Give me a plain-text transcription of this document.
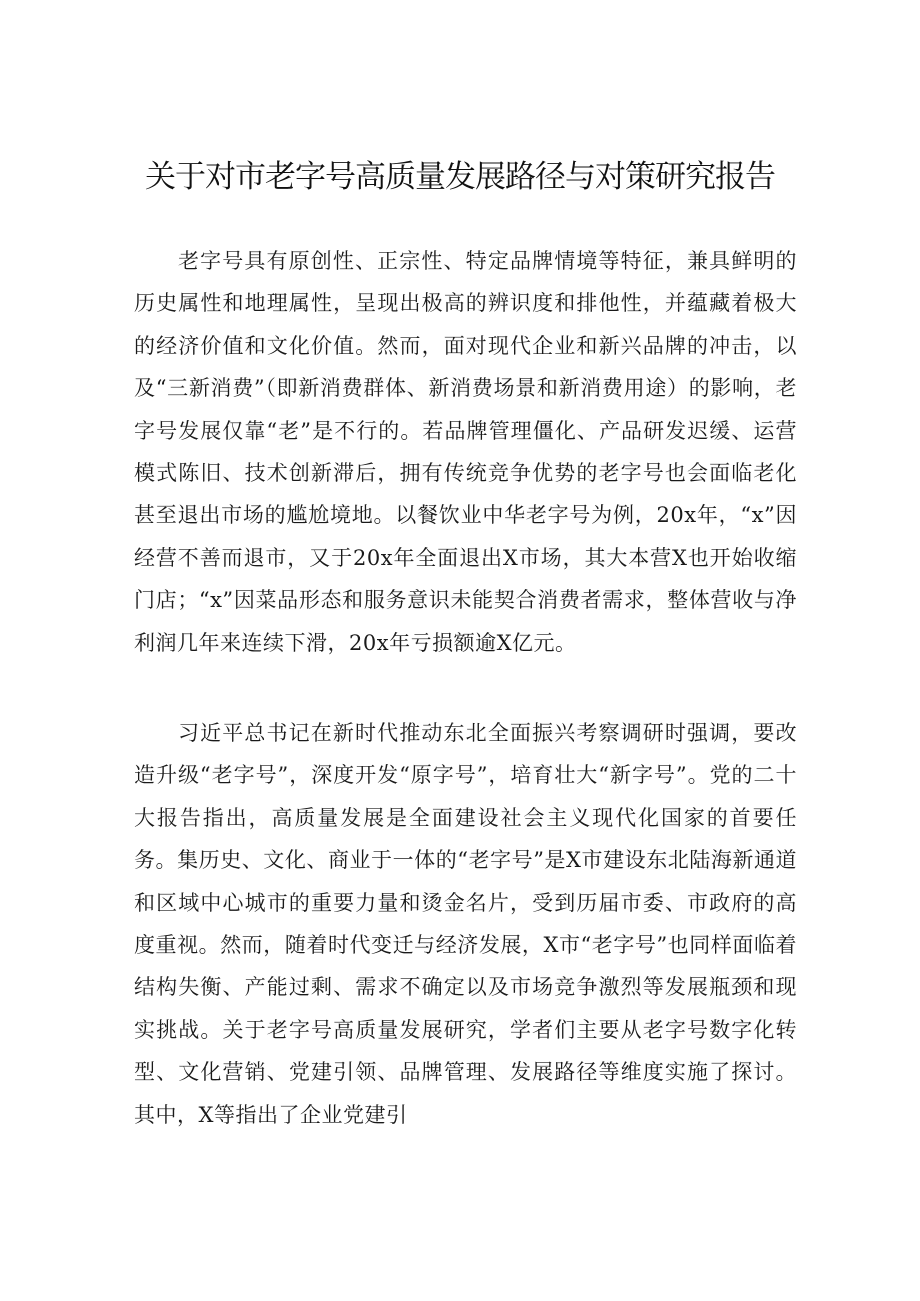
关于对市老字号高质量发展路径与对策研究报告

老字号具有原创性、正宗性、特定品牌情境等特征，兼具鲜明的历史属性和地理属性，呈现出极高的辨识度和排他性，并蕴藏着极大的经济价值和文化价值。然而，面对现代企业和新兴品牌的冲击，以及“三新消费”（即新消费群体、新消费场景和新消费用途）的影响，老字号发展仅靠“老”是不行的。若品牌管理僵化、产品研发迟缓、运营模式陈旧、技术创新滞后，拥有传统竞争优势的老字号也会面临老化甚至退出市场的尴尬境地。以餐饮业中华老字号为例，20x年，“x”因经营不善而退市，又于20x年全面退出X市场，其大本营X也开始收缩门店；“x”因菜品形态和服务意识未能契合消费者需求，整体营收与净利润几年来连续下滑，20x年亏损额逾X亿元。

习近平总书记在新时代推动东北全面振兴考察调研时强调，要改造升级“老字号”，深度开发“原字号”，培育壮大“新字号”。党的二十大报告指出，高质量发展是全面建设社会主义现代化国家的首要任务。集历史、文化、商业于一体的“老字号”是X市建设东北陆海新通道和区域中心城市的重要力量和烫金名片，受到历届市委、市政府的高度重视。然而，随着时代变迁与经济发展，X市“老字号”也同样面临着结构失衡、产能过剩、需求不确定以及市场竞争激烈等发展瓶颈和现实挑战。关于老字号高质量发展研究，学者们主要从老字号数字化转型、文化营销、党建引领、品牌管理、发展路径等维度实施了探讨。其中，X等指出了企业党建引
